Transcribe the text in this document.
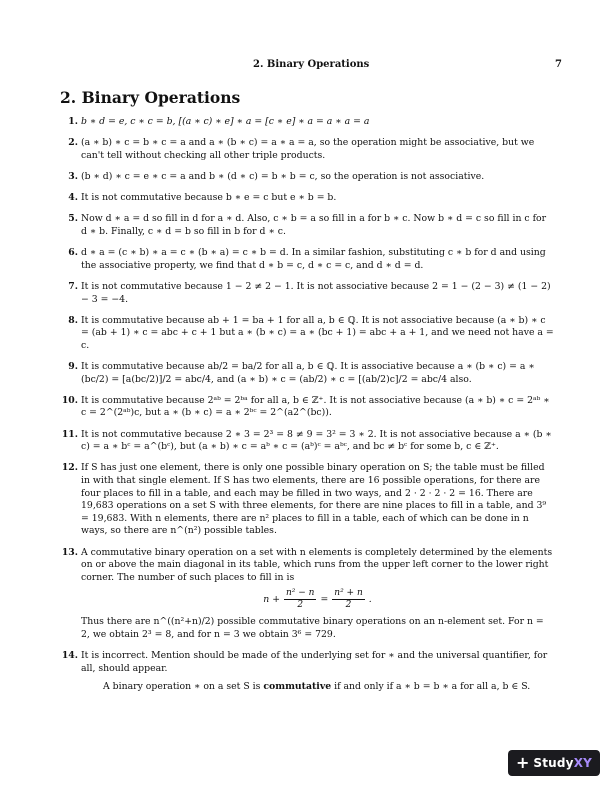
2. Binary Operations	7
2. Binary Operations
1. b ∗ d = e, c ∗ c = b, [(a ∗ c) ∗ e] ∗ a = [c ∗ e] ∗ a = a ∗ a = a
2. (a ∗ b) ∗ c = b ∗ c = a and a ∗ (b ∗ c) = a ∗ a = a, so the operation might be associative, but we can't tell without checking all other triple products.
3. (b ∗ d) ∗ c = e ∗ c = a and b ∗ (d ∗ c) = b ∗ b = c, so the operation is not associative.
4. It is not commutative because b ∗ e = c but e ∗ b = b.
5. Now d ∗ a = d so fill in d for a ∗ d. Also, c ∗ b = a so fill in a for b ∗ c. Now b ∗ d = c so fill in c for d ∗ b. Finally, c ∗ d = b so fill in b for d ∗ c.
6. d ∗ a = (c ∗ b) ∗ a = c ∗ (b ∗ a) = c ∗ b = d. In a similar fashion, substituting c ∗ b for d and using the associative property, we find that d ∗ b = c, d ∗ c = c, and d ∗ d = d.
7. It is not commutative because 1 − 2 ≠ 2 − 1. It is not associative because 2 = 1 − (2 − 3) ≠ (1 − 2) − 3 = −4.
8. It is commutative because ab + 1 = ba + 1 for all a, b ∈ ℚ. It is not associative because (a ∗ b) ∗ c = (ab + 1) ∗ c = abc + c + 1 but a ∗ (b ∗ c) = a ∗ (bc + 1) = abc + a + 1, and we need not have a = c.
9. It is commutative because ab/2 = ba/2 for all a, b ∈ ℚ. It is associative because a ∗ (b ∗ c) = a ∗ (bc/2) = [a(bc/2)]/2 = abc/4, and (a ∗ b) ∗ c = (ab/2) ∗ c = [(ab/2)c]/2 = abc/4 also.
10. It is commutative because 2ᵃᵇ = 2ᵇᵃ for all a, b ∈ ℤ⁺. It is not associative because (a ∗ b) ∗ c = 2ᵃᵇ ∗ c = 2^(2ᵃᵇ)c, but a ∗ (b ∗ c) = a ∗ 2ᵇᶜ = 2^(a2^(bc)).
11. It is not commutative because 2 ∗ 3 = 2³ = 8 ≠ 9 = 3² = 3 ∗ 2. It is not associative because a ∗ (b ∗ c) = a ∗ bᶜ = a^(bᶜ), but (a ∗ b) ∗ c = aᵇ ∗ c = (aᵇ)ᶜ = aᵇᶜ, and bc ≠ bᶜ for some b, c ∈ ℤ⁺.
12. If S has just one element, there is only one possible binary operation on S; the table must be filled in with that single element. If S has two elements, there are 16 possible operations, for there are four places to fill in a table, and each may be filled in two ways, and 2 · 2 · 2 · 2 = 16. There are 19,683 operations on a set S with three elements, for there are nine places to fill in a table, and 3⁹ = 19,683. With n elements, there are n² places to fill in a table, each of which can be done in n ways, so there are n^(n²) possible tables.
13. A commutative binary operation on a set with n elements is completely determined by the elements on or above the main diagonal in its table, which runs from the upper left corner to the lower right corner. The number of such places to fill in is
$n + \frac{\text{n² − n}}{2} = \frac{\text{n² + n}}{2}$ .
Thus there are n^((n²+n)/2) possible commutative binary operations on an n-element set. For n = 2, we obtain 2³ = 8, and for n = 3 we obtain 3⁶ = 729.
14. It is incorrect. Mention should be made of the underlying set for ∗ and the universal quantifier, for all, should appear.
A binary operation ∗ on a set S is commutative if and only if a ∗ b = b ∗ a for all a, b ∈ S.
+ StudyXY
